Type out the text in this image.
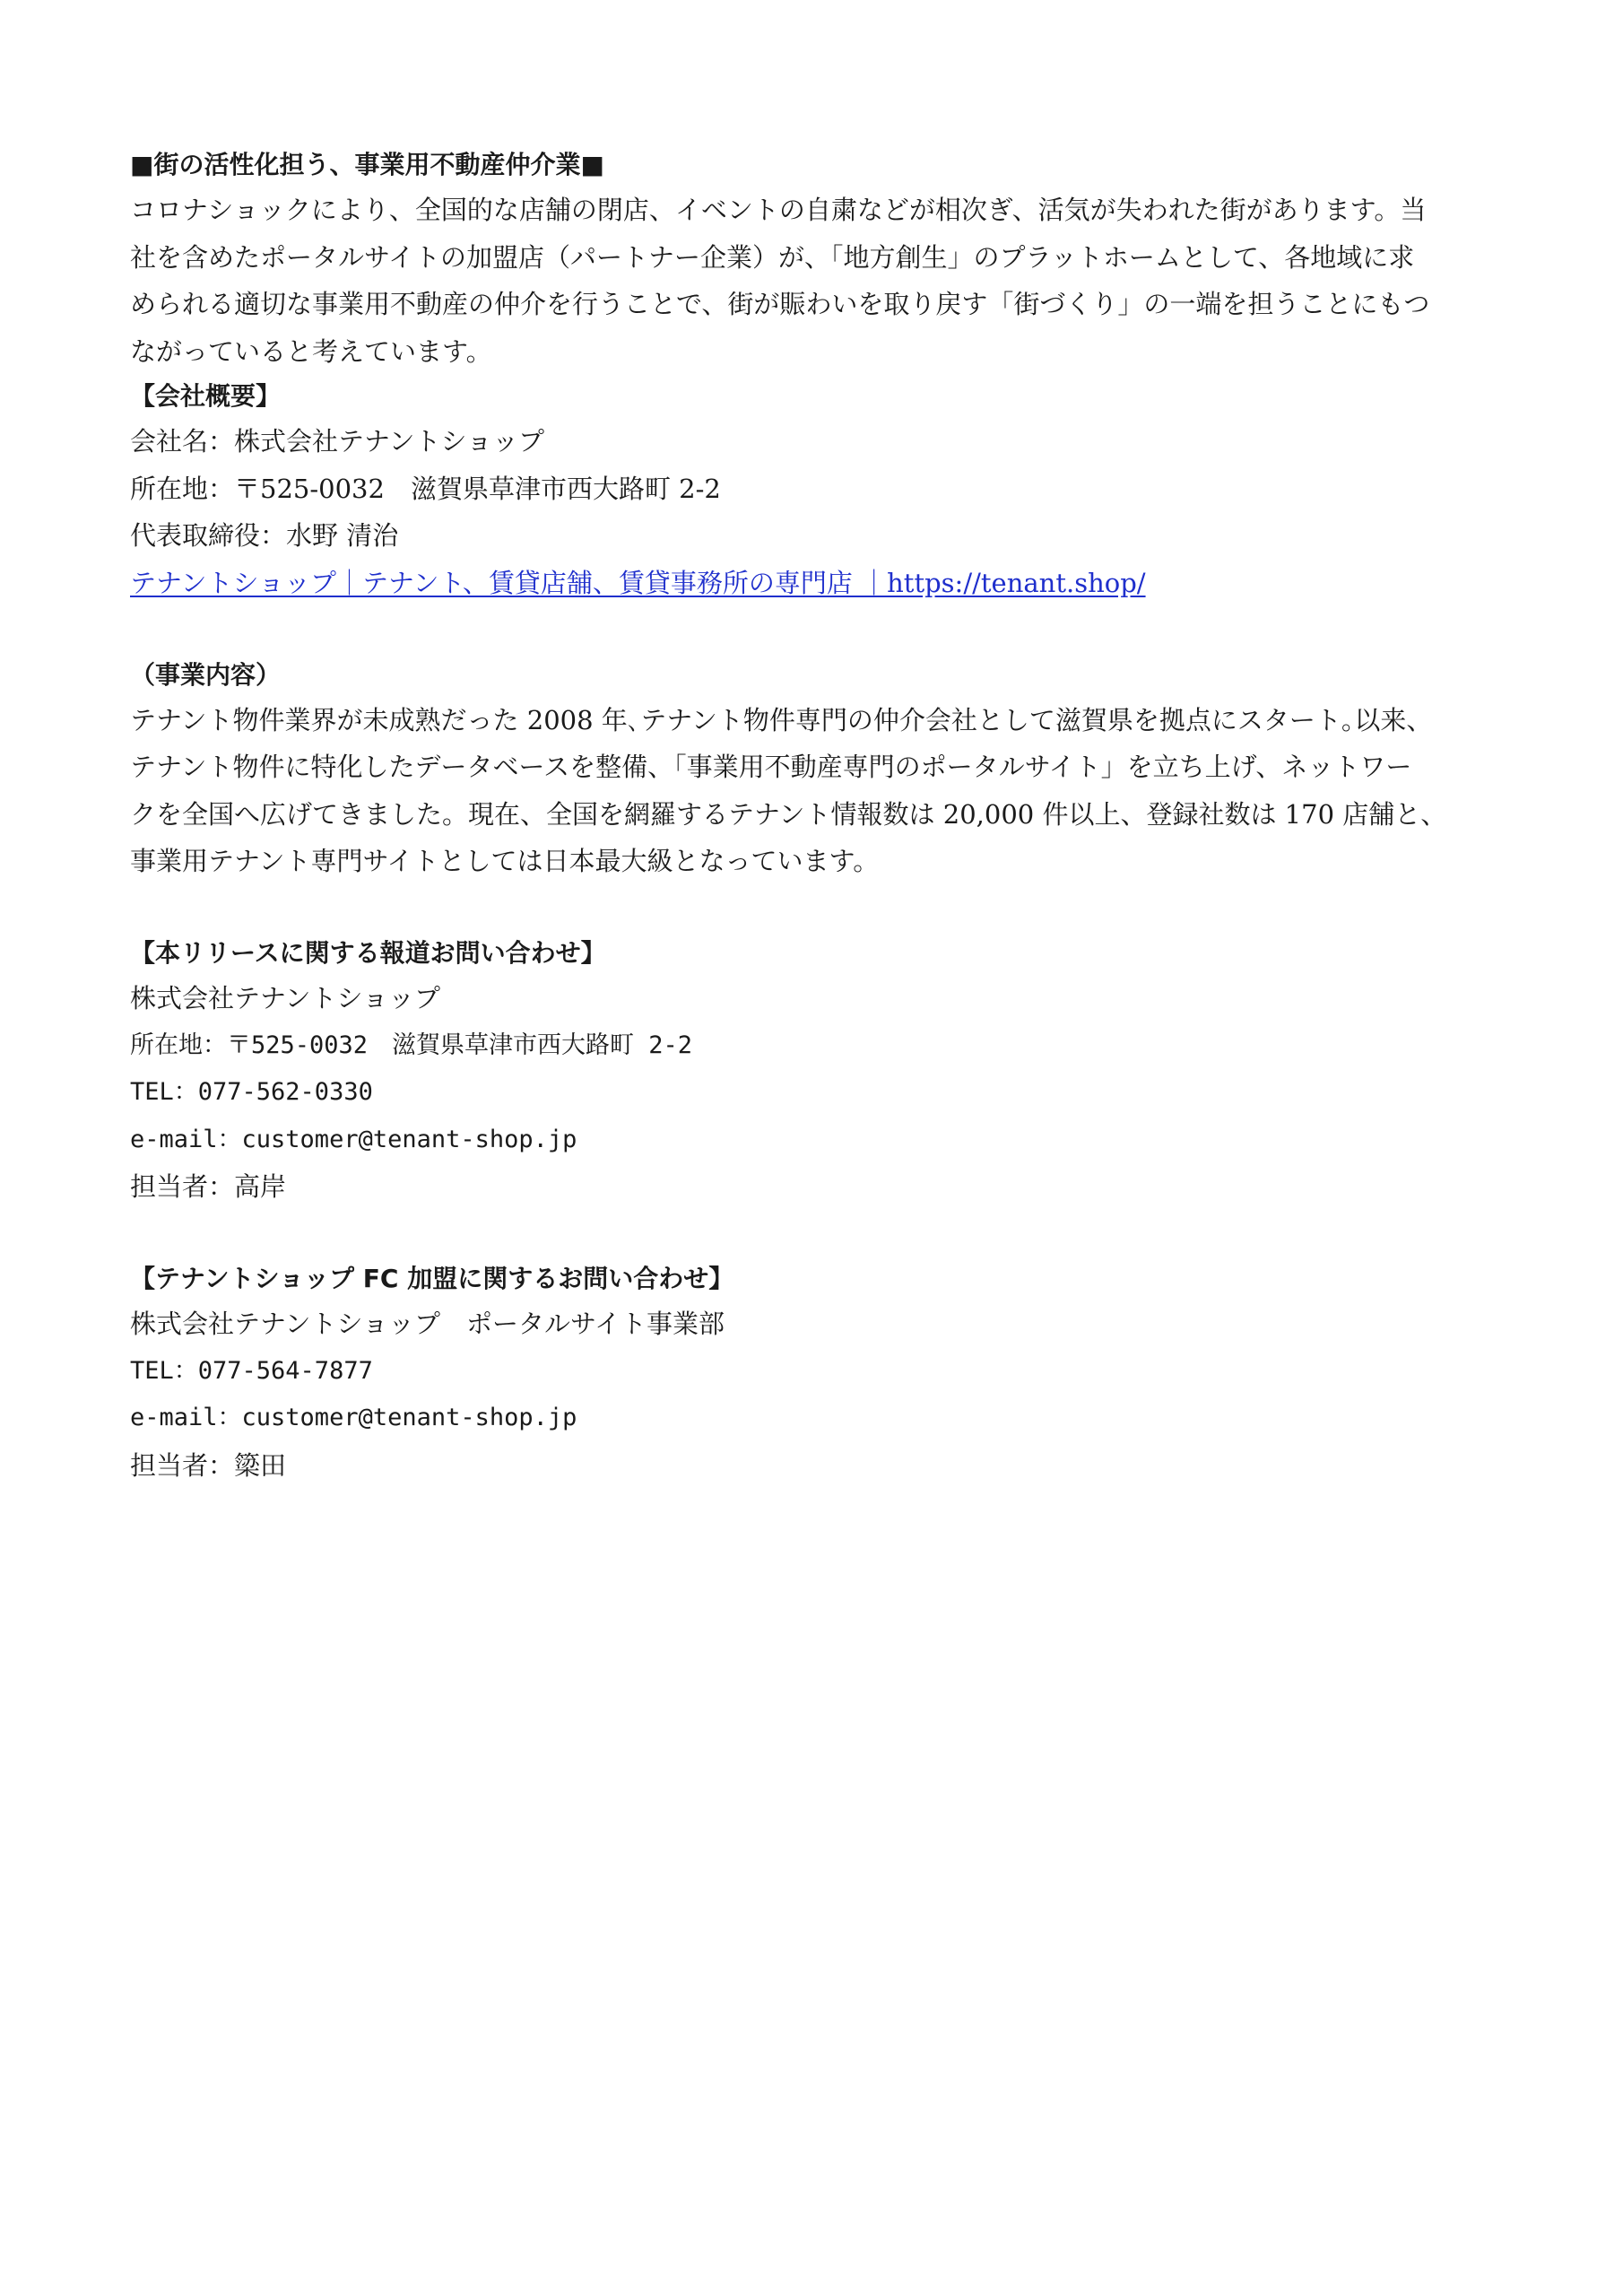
■街の活性化担う、事業用不動産仲介業■

コロナショックにより、全国的な店舗の閉店、イベントの自粛などが相次ぎ、活気が失われた街があります。当
社を含めたポータルサイトの加盟店（パートナー企業）が、「地方創生」のプラットホームとして、各地域に求
められる適切な事業用不動産の仲介を行うことで、街が賑わいを取り戻す「街づくり」の一端を担うことにもつ
ながっていると考えています。

【会社概要】

会社名：株式会社テナントショップ

所在地：〒525-0032　滋賀県草津市西大路町 2-2

代表取締役：水野 清治

テナントショップ｜テナント、賃貸店舗、賃貸事務所の専門店 ｜https://tenant.shop/

（事業内容）

テナント物件業界が未成熟だった 2008 年､テナント物件専門の仲介会社として滋賀県を拠点にスタート｡以来、
テナント物件に特化したデータベースを整備、「事業用不動産専門のポータルサイト」を立ち上げ、ネットワー
クを全国へ広げてきました。現在、全国を網羅するテナント情報数は 20,000 件以上、登録社数は 170 店舗と、
事業用テナント専門サイトとしては日本最大級となっています。

【本リリースに関する報道お問い合わせ】

株式会社テナントショップ

所在地：〒525-0032　滋賀県草津市西大路町 2-2

TEL：077-562-0330

e-mail：customer@tenant-shop.jp

担当者：高岸

【テナントショップ FC 加盟に関するお問い合わせ】

株式会社テナントショップ　ポータルサイト事業部

TEL：077-564-7877

e-mail：customer@tenant-shop.jp

担当者：簗田
